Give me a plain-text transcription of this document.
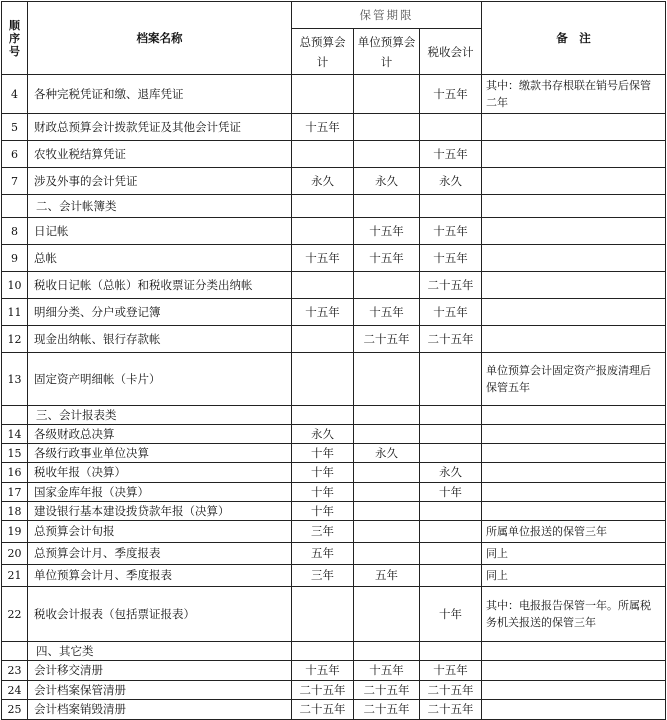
顺序号	档案名称	保管期限			备　注
		总预算会计	单位预算会计	税收会计	
4	各种完税凭证和缴、退库凭证			十五年	其中：缴款书存根联在销号后保管二年
5	财政总预算会计拨款凭证及其他会计凭证	十五年			
6	农牧业税结算凭证			十五年	
7	涉及外事的会计凭证	永久	永久	永久	
	二、会计帐簿类				
8	日记帐		十五年	十五年	
9	总帐	十五年	十五年	十五年	
10	税收日记帐（总帐）和税收票证分类出纳帐			二十五年	
11	明细分类、分户或登记簿	十五年	十五年	十五年	
12	现金出纳帐、银行存款帐		二十五年	二十五年	
13	固定资产明细帐（卡片）				单位预算会计固定资产报废清理后保管五年
	三、会计报表类				
14	各级财政总决算	永久			
15	各级行政事业单位决算	十年	永久		
16	税收年报（决算）	十年		永久	
17	国家金库年报（决算）	十年		十年	
18	建设银行基本建设拨贷款年报（决算）	十年			
19	总预算会计旬报	三年			所属单位报送的保管三年
20	总预算会计月、季度报表	五年			同上
21	单位预算会计月、季度报表	三年	五年		同上
22	税收会计报表（包括票证报表）			十年	其中：电报报告保管一年。所属税务机关报送的保管三年
	四、其它类				
23	会计移交清册	十五年	十五年	十五年	
24	会计档案保管清册	二十五年	二十五年	二十五年	
25	会计档案销毁清册	二十五年	二十五年	二十五年	
